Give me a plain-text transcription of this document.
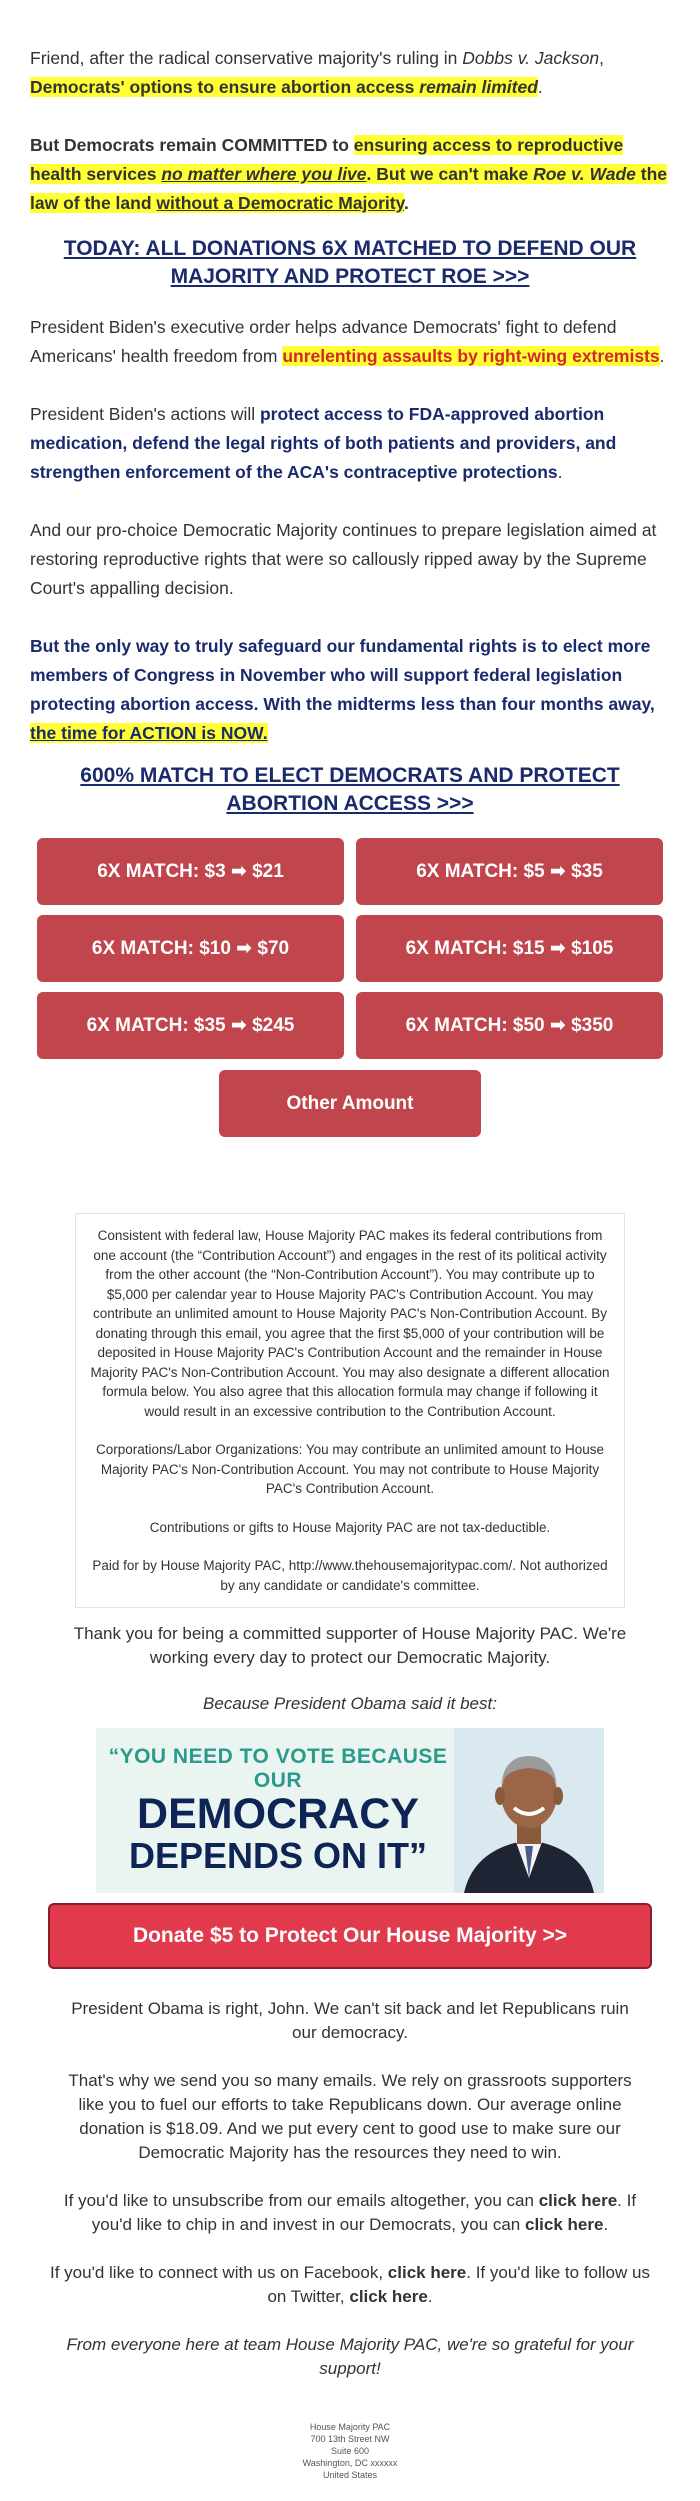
Friend, after the radical conservative majority's ruling in Dobbs v. Jackson, Democrats' options to ensure abortion access remain limited.

But Democrats remain COMMITTED to ensuring access to reproductive health services no matter where you live. But we can't make Roe v. Wade the law of the land without a Democratic Majority.

TODAY: ALL DONATIONS 6X MATCHED TO DEFEND OUR MAJORITY AND PROTECT ROE >>>

President Biden's executive order helps advance Democrats' fight to defend Americans' health freedom from unrelenting assaults by right-wing extremists.

President Biden's actions will protect access to FDA-approved abortion medication, defend the legal rights of both patients and providers, and strengthen enforcement of the ACA's contraceptive protections.

And our pro-choice Democratic Majority continues to prepare legislation aimed at restoring reproductive rights that were so callously ripped away by the Supreme Court's appalling decision.

But the only way to truly safeguard our fundamental rights is to elect more members of Congress in November who will support federal legislation protecting abortion access. With the midterms less than four months away, the time for ACTION is NOW.

600% MATCH TO ELECT DEMOCRATS AND PROTECT ABORTION ACCESS >>>
6X MATCH: $3 ➡ $21	6X MATCH: $5 ➡ $35
6X MATCH: $10 ➡ $70	6X MATCH: $15 ➡ $105
6X MATCH: $35 ➡ $245	6X MATCH: $50 ➡ $350
Other Amount

Consistent with federal law, House Majority PAC makes its federal contributions from one account (the “Contribution Account”) and engages in the rest of its political activity from the other account (the “Non-Contribution Account”). You may contribute up to $5,000 per calendar year to House Majority PAC's Contribution Account. You may contribute an unlimited amount to House Majority PAC's Non-Contribution Account. By donating through this email, you agree that the first $5,000 of your contribution will be deposited in House Majority PAC's Contribution Account and the remainder in House Majority PAC's Non-Contribution Account. You may also designate a different allocation formula below. You also agree that this allocation formula may change if following it would result in an excessive contribution to the Contribution Account.

Corporations/Labor Organizations: You may contribute an unlimited amount to House Majority PAC's Non-Contribution Account. You may not contribute to House Majority PAC's Contribution Account.

Contributions or gifts to House Majority PAC are not tax-deductible.

Paid for by House Majority PAC, http://www.thehousemajoritypac.com/. Not authorized by any candidate or candidate's committee.

Thank you for being a committed supporter of House Majority PAC. We're working every day to protect our Democratic Majority.

Because President Obama said it best:

“YOU NEED TO VOTE BECAUSE OUR
DEMOCRACY
DEPENDS ON IT”
Donate $5 to Protect Our House Majority >>

President Obama is right, John. We can't sit back and let Republicans ruin our democracy.

That's why we send you so many emails. We rely on grassroots supporters like you to fuel our efforts to take Republicans down. Our average online donation is $18.09. And we put every cent to good use to make sure our Democratic Majority has the resources they need to win.

If you'd like to unsubscribe from our emails altogether, you can click here. If you'd like to chip in and invest in our Democrats, you can click here.

If you'd like to connect with us on Facebook, click here. If you'd like to follow us on Twitter, click here.

From everyone here at team House Majority PAC, we're so grateful for your support!

House Majority PAC
700 13th Street NW
Suite 600
Washington, DC xxxxxx
United States
